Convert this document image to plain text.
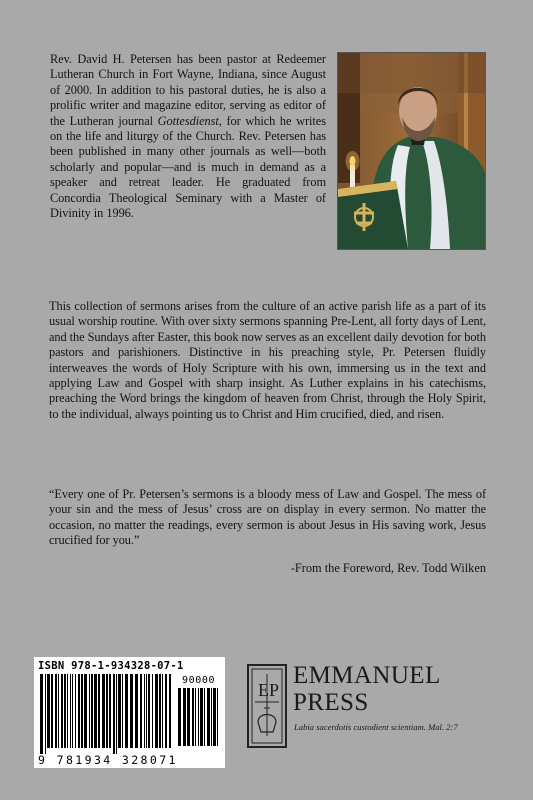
Rev. David H. Petersen has been pastor at Redeemer Lutheran Church in Fort Wayne, Indiana, since August of 2000. In addition to his pastoral duties, he is also a prolific writer and magazine editor, serving as editor of the Lutheran journal Gottesdienst, for which he writes on the life and liturgy of the Church. Rev. Petersen has been published in many other journals as well—both scholarly and popular—and is much in demand as a speaker and retreat leader. He graduated from Concordia Theological Seminary with a Master of Divinity in 1996.
This collection of sermons arises from the culture of an active parish life as a part of its usual worship routine. With over sixty sermons spanning Pre-Lent, all forty days of Lent, and the Sundays after Easter, this book now serves as an excellent daily devotion for both pastors and parishioners. Distinctive in his preaching style, Pr. Petersen fluidly interweaves the words of Holy Scripture with his own, immersing us in the text and applying Law and Gospel with sharp insight. As Luther explains in his catechisms, preaching the Word brings the kingdom of heaven from Christ, through the Holy Spirit, to the individual, always pointing us to Christ and Him crucified, died, and risen.
“Every one of Pr. Petersen’s sermons is a bloody mess of Law and Gospel. The mess of your sin and the mess of Jesus’ cross are on display in every sermon. No matter the occasion, no matter the readings, every sermon is about Jesus in His saving work, Jesus crucified for you.”
-From the Foreword, Rev. Todd Wilken
ISBN 978-1-934328-07-1
9 781934 328071
90000 EP
EMMANUEL
PRESS
Labia sacerdotis custodient scientiam. Mal. 2:7
